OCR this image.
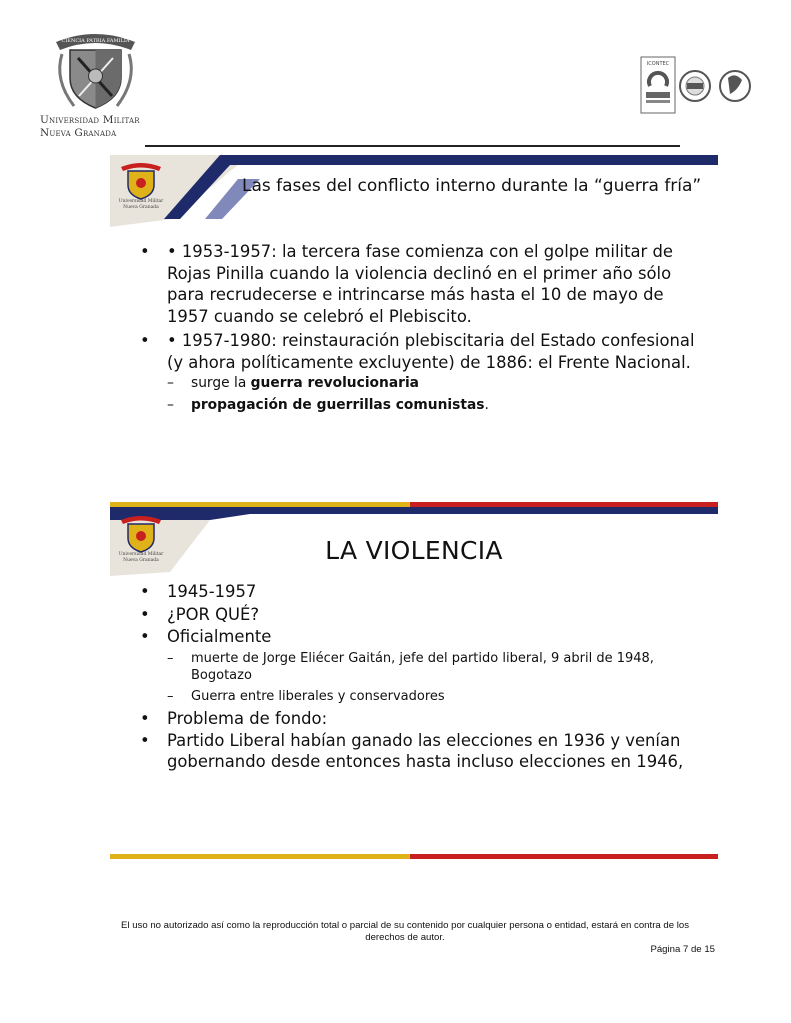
CIENCIA PATRIA FAMILIA
Universidad Militar
Nueva Granada
ICONTEC
Universidad Militar
Nueva Granada
Las fases del conflicto interno durante la “guerra fría”
• • 1953-1957: la tercera fase comienza con el golpe militar de Rojas Pinilla cuando la violencia declinó en el primer año sólo para recrudecerse e intrincarse más hasta el 10 de mayo de 1957 cuando se celebró el Plebiscito.
• • 1957-1980: reinstauración plebiscitaria del Estado confesional (y ahora políticamente excluyente) de 1886: el Frente Nacional.
– surge la guerra revolucionaria
– propagación de guerrillas comunistas.
Universidad Militar
Nueva Granada	LA VIOLENCIA
• 1945-1957
• ¿POR QUÉ?
• Oficialmente
– muerte de Jorge Eliécer Gaitán, jefe del partido liberal, 9 abril de 1948, Bogotazo
– Guerra entre liberales y conservadores
• Problema de fondo:
• Partido Liberal habían ganado las elecciones en 1936 y venían gobernando desde entonces hasta incluso elecciones en 1946,
El uso no autorizado así como la reproducción total o parcial de su contenido por cualquier persona o entidad, estará en contra de los derechos de autor.
Página 7 de 15
